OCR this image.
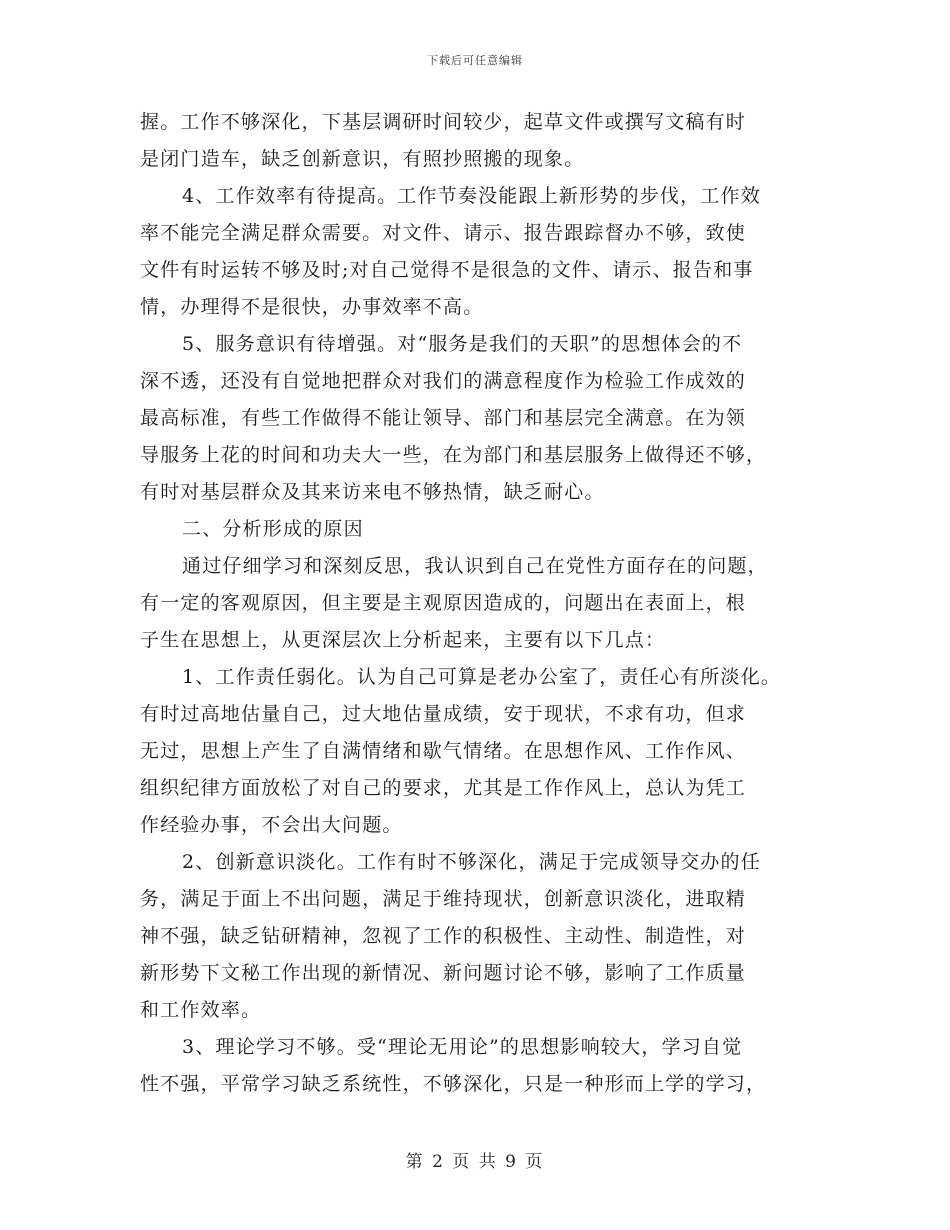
下载后可任意编辑
握。工作不够深化，下基层调研时间较少，起草文件或撰写文稿有时
是闭门造车，缺乏创新意识，有照抄照搬的现象。
4、工作效率有待提高。工作节奏没能跟上新形势的步伐，工作效
率不能完全满足群众需要。对文件、请示、报告跟踪督办不够，致使
文件有时运转不够及时;对自己觉得不是很急的文件、请示、报告和事
情，办理得不是很快，办事效率不高。
5、服务意识有待增强。对“服务是我们的天职”的思想体会的不
深不透，还没有自觉地把群众对我们的满意程度作为检验工作成效的
最高标准，有些工作做得不能让领导、部门和基层完全满意。在为领
导服务上花的时间和功夫大一些，在为部门和基层服务上做得还不够，
有时对基层群众及其来访来电不够热情，缺乏耐心。
二、分析形成的原因
通过仔细学习和深刻反思，我认识到自己在党性方面存在的问题，
有一定的客观原因，但主要是主观原因造成的，问题出在表面上，根
子生在思想上，从更深层次上分析起来，主要有以下几点：
1、工作责任弱化。认为自己可算是老办公室了，责任心有所淡化。
有时过高地估量自己，过大地估量成绩，安于现状，不求有功，但求
无过，思想上产生了自满情绪和歇气情绪。在思想作风、工作作风、
组织纪律方面放松了对自己的要求，尤其是工作作风上，总认为凭工
作经验办事，不会出大问题。
2、创新意识淡化。工作有时不够深化，满足于完成领导交办的任
务，满足于面上不出问题，满足于维持现状，创新意识淡化，进取精
神不强，缺乏钻研精神，忽视了工作的积极性、主动性、制造性，对
新形势下文秘工作出现的新情况、新问题讨论不够，影响了工作质量
和工作效率。
3、理论学习不够。受“理论无用论”的思想影响较大，学习自觉
性不强，平常学习缺乏系统性，不够深化，只是一种形而上学的学习，
第 2 页 共 9 页
